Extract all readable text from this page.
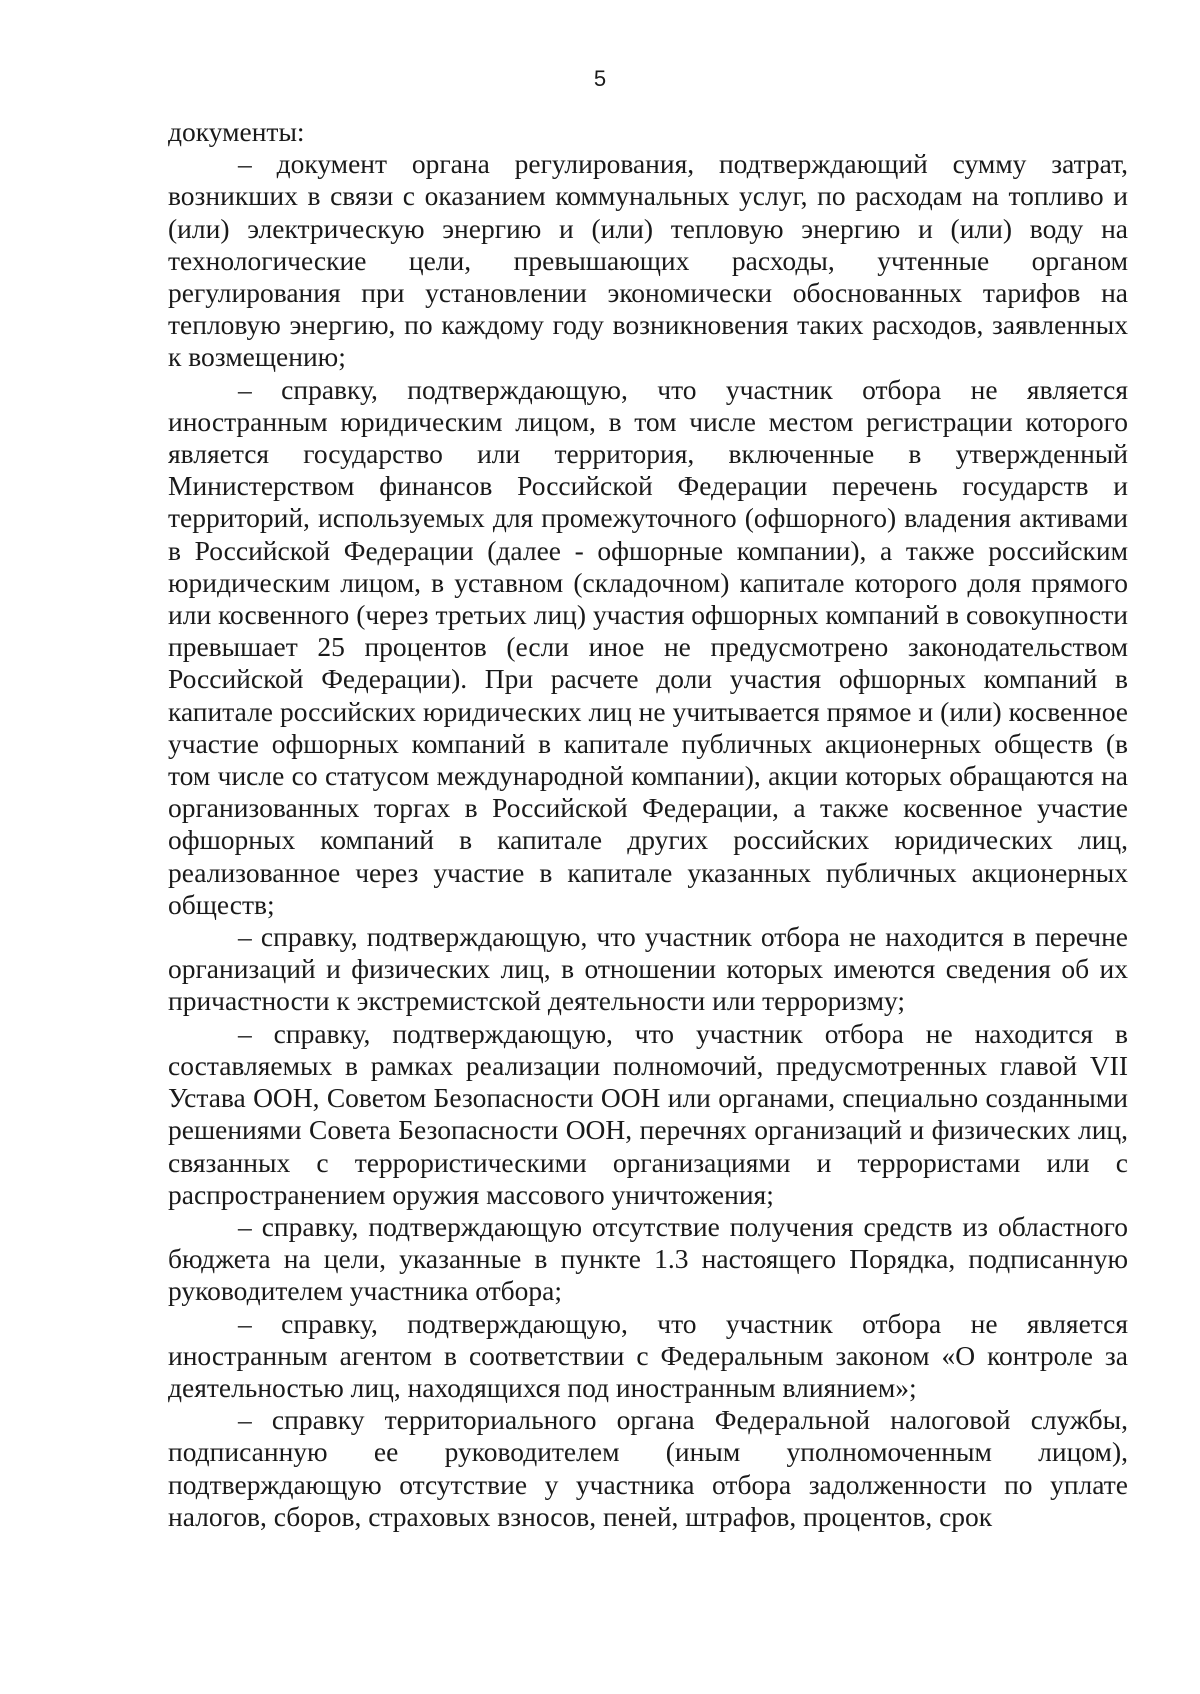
5

документы:

– документ органа регулирования, подтверждающий сумму затрат, возникших в связи с оказанием коммунальных услуг, по расходам на топливо и (или) электрическую энергию и (или) тепловую энергию и (или) воду на технологические цели, превышающих расходы, учтенные органом регулирования при установлении экономически обоснованных тарифов на тепловую энергию, по каждому году возникновения таких расходов, заявленных к возмещению;

– справку, подтверждающую, что участник отбора не является иностранным юридическим лицом, в том числе местом регистрации которого является государство или территория, включенные в утвержденный Министерством финансов Российской Федерации перечень государств и территорий, используемых для промежуточного (офшорного) владения активами в Российской Федерации (далее - офшорные компании), а также российским юридическим лицом, в уставном (складочном) капитале которого доля прямого или косвенного (через третьих лиц) участия офшорных компаний в совокупности превышает 25 процентов (если иное не предусмотрено законодательством Российской Федерации). При расчете доли участия офшорных компаний в капитале российских юридических лиц не учитывается прямое и (или) косвенное участие офшорных компаний в капитале публичных акционерных обществ (в том числе со статусом международной компании), акции которых обращаются на организованных торгах в Российской Федерации, а также косвенное участие офшорных компаний в капитале других российских юридических лиц, реализованное через участие в капитале указанных публичных акционерных обществ;

– справку, подтверждающую, что участник отбора не находится в перечне организаций и физических лиц, в отношении которых имеются сведения об их причастности к экстремистской деятельности или терроризму;

– справку, подтверждающую, что участник отбора не находится в составляемых в рамках реализации полномочий, предусмотренных главой VII Устава ООН, Советом Безопасности ООН или органами, специально созданными решениями Совета Безопасности ООН, перечнях организаций и физических лиц, связанных с террористическими организациями и террористами или с распространением оружия массового уничтожения;

– справку, подтверждающую отсутствие получения средств из областного бюджета на цели, указанные в пункте 1.3 настоящего Порядка, подписанную руководителем участника отбора;

– справку, подтверждающую, что участник отбора не является иностранным агентом в соответствии с Федеральным законом «О контроле за деятельностью лиц, находящихся под иностранным влиянием»;

– справку территориального органа Федеральной налоговой службы, подписанную ее руководителем (иным уполномоченным лицом), подтверждающую отсутствие у участника отбора задолженности по уплате налогов, сборов, страховых взносов, пеней, штрафов, процентов, срок
